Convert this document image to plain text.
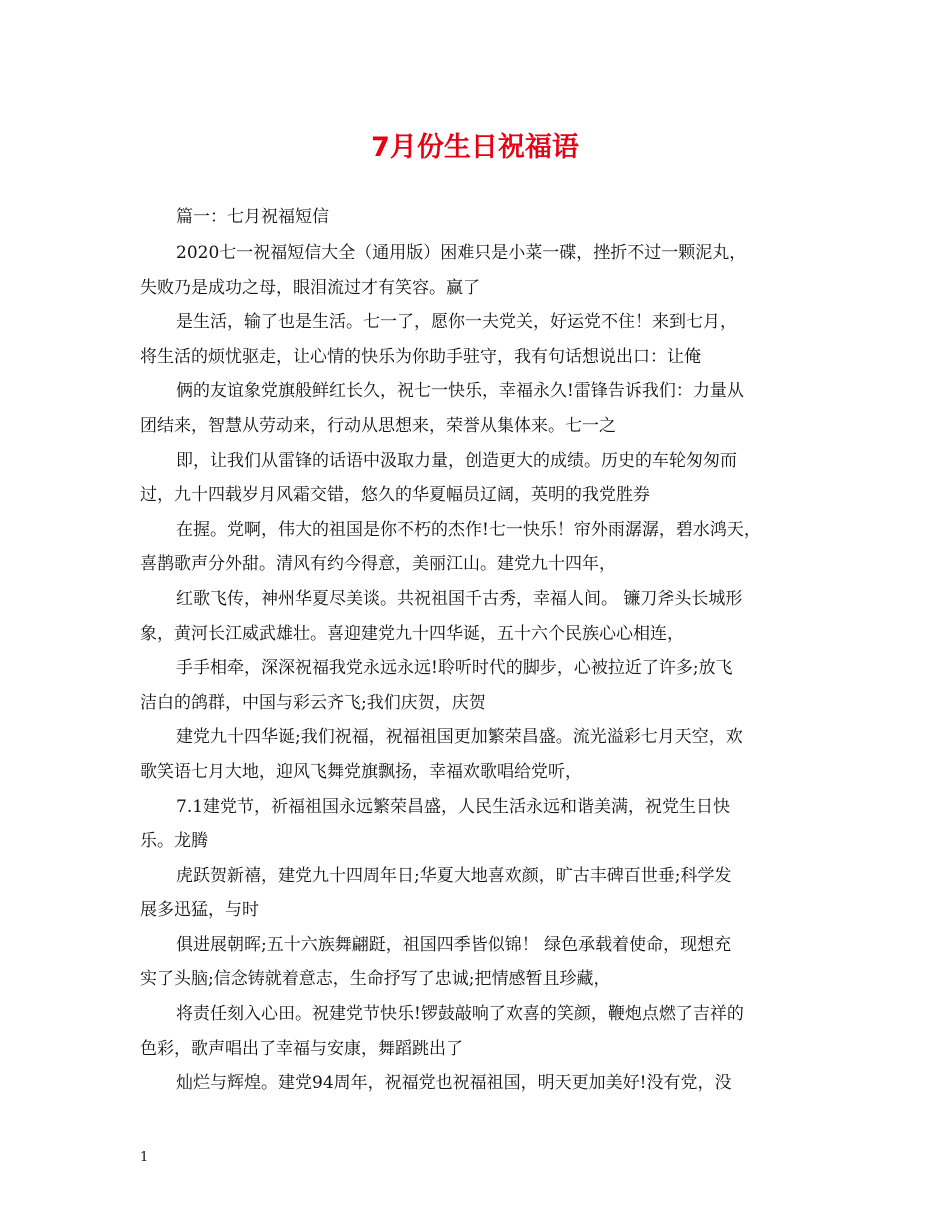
7月份生日祝福语

篇一：七月祝福短信

2020七一祝福短信大全（通用版）困难只是小菜一碟，挫折不过一颗泥丸，
失败乃是成功之母，眼泪流过才有笑容。赢了

是生活，输了也是生活。七一了，愿你一夫党关，好运党不住！来到七月，
将生活的烦忧驱走，让心情的快乐为你助手驻守，我有句话想说出口：让俺

俩的友谊象党旗般鲜红长久，祝七一快乐，幸福永久!雷锋告诉我们：力量从
团结来，智慧从劳动来，行动从思想来，荣誉从集体来。七一之

即，让我们从雷锋的话语中汲取力量，创造更大的成绩。历史的车轮匆匆而
过，九十四载岁月风霜交错，悠久的华夏幅员辽阔，英明的我党胜券

在握。党啊，伟大的祖国是你不朽的杰作!七一快乐！帘外雨潺潺，碧水鸿天，
喜鹊歌声分外甜。清风有约今得意，美丽江山。建党九十四年，

红歌飞传，神州华夏尽美谈。共祝祖国千古秀，幸福人间。 镰刀斧头长城形
象，黄河长江威武雄壮。喜迎建党九十四华诞，五十六个民族心心相连，

手手相牵，深深祝福我党永远永远!聆听时代的脚步，心被拉近了许多;放飞
洁白的鸽群，中国与彩云齐飞;我们庆贺，庆贺

建党九十四华诞;我们祝福，祝福祖国更加繁荣昌盛。流光溢彩七月天空，欢
歌笑语七月大地，迎风飞舞党旗飘扬，幸福欢歌唱给党听，

7.1建党节，祈福祖国永远繁荣昌盛，人民生活永远和谐美满，祝党生日快
乐。龙腾

虎跃贺新禧，建党九十四周年日;华夏大地喜欢颜，旷古丰碑百世垂;科学发
展多迅猛，与时

俱进展朝晖;五十六族舞翩跹，祖国四季皆似锦！ 绿色承载着使命，现想充
实了头脑;信念铸就着意志，生命抒写了忠诚;把情感暂且珍藏，

将责任刻入心田。祝建党节快乐!锣鼓敲响了欢喜的笑颜，鞭炮点燃了吉祥的
色彩，歌声唱出了幸福与安康，舞蹈跳出了

灿烂与辉煌。建党94周年，祝福党也祝福祖国，明天更加美好!没有党，没

1
